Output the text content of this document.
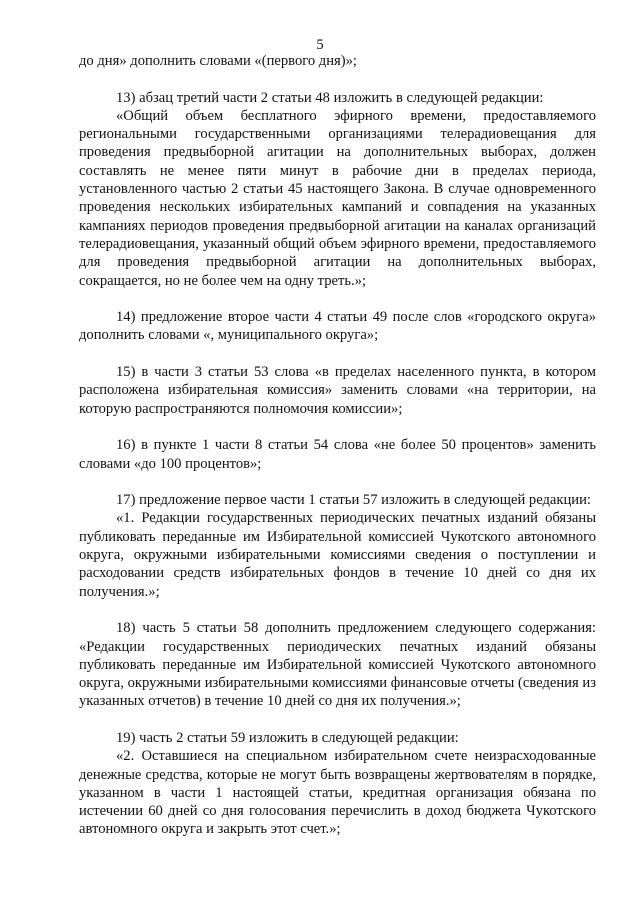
5

до дня» дополнить словами «(первого дня)»;

13) абзац третий части 2 статьи 48 изложить в следующей редакции:

«Общий объем бесплатного эфирного времени, предоставляемого региональными государственными организациями телерадиовещания для проведения предвыборной агитации на дополнительных выборах, должен составлять не менее пяти минут в рабочие дни в пределах периода, установленного частью 2 статьи 45 настоящего Закона. В случае одновременного проведения нескольких избирательных кампаний и совпадения на указанных кампаниях периодов проведения предвыборной агитации на каналах организаций телерадиовещания, указанный общий объем эфирного времени, предоставляемого для проведения предвыборной агитации на дополнительных выборах, сокращается, но не более чем на одну треть.»;

14) предложение второе части 4 статьи 49 после слов «городского округа» дополнить словами «, муниципального округа»;

15) в части 3 статьи 53 слова «в пределах населенного пункта, в котором расположена избирательная комиссия» заменить словами «на территории, на которую распространяются полномочия комиссии»;

16) в пункте 1 части 8 статьи 54 слова «не более 50 процентов» заменить словами «до 100 процентов»;

17) предложение первое части 1 статьи 57 изложить в следующей редакции:

«1. Редакции государственных периодических печатных изданий обязаны публиковать переданные им Избирательной комиссией Чукотского автономного округа, окружными избирательными комиссиями сведения о поступлении и расходовании средств избирательных фондов в течение 10 дней со дня их получения.»;

18) часть 5 статьи 58 дополнить предложением следующего содержания: «Редакции государственных периодических печатных изданий обязаны публиковать переданные им Избирательной комиссией Чукотского автономного округа, окружными избирательными комиссиями финансовые отчеты (сведения из указанных отчетов) в течение 10 дней со дня их получения.»;

19) часть 2 статьи 59 изложить в следующей редакции:

«2. Оставшиеся на специальном избирательном счете неизрасходованные денежные средства, которые не могут быть возвращены жертвователям в порядке, указанном в части 1 настоящей статьи, кредитная организация обязана по истечении 60 дней со дня голосования перечислить в доход бюджета Чукотского автономного округа и закрыть этот счет.»;
